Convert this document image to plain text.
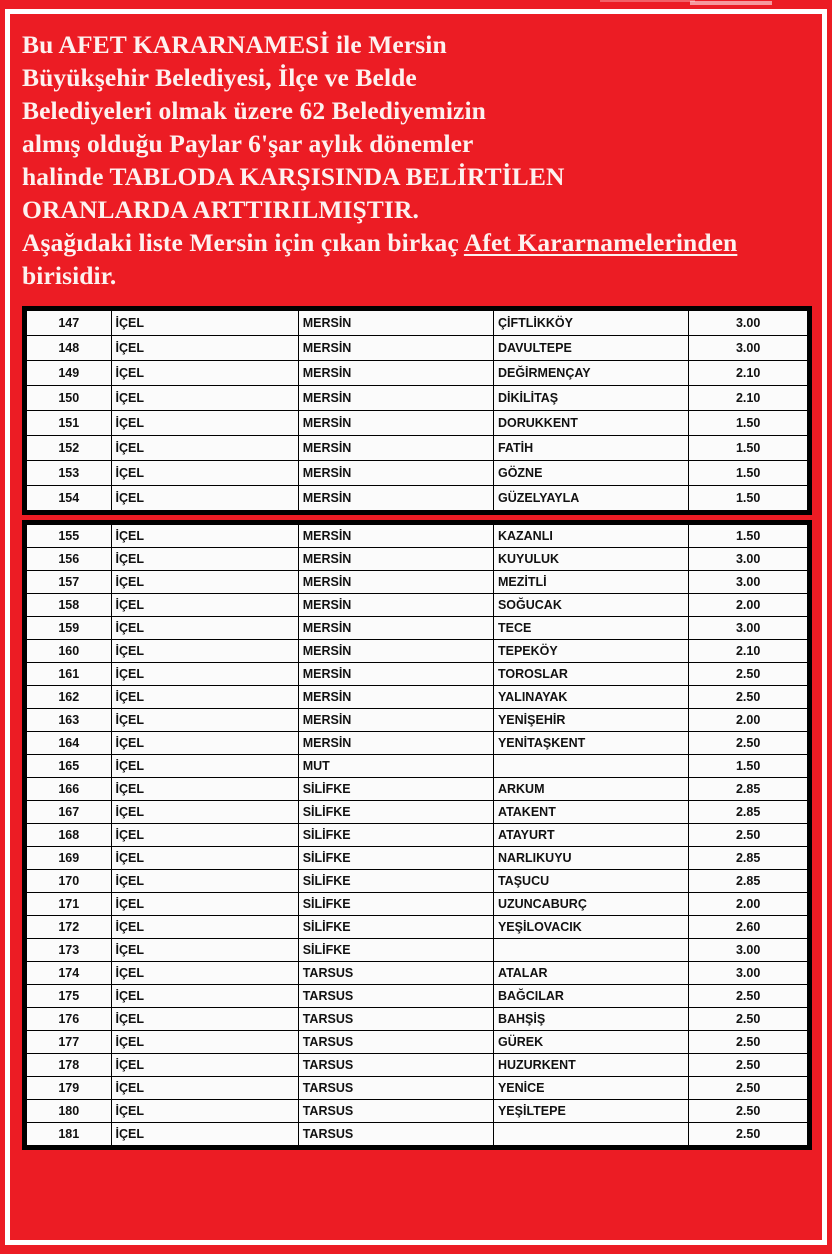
Bu AFET KARARNAMESİ ile Mersin

Büyükşehir Belediyesi, İlçe ve Belde

Belediyeleri olmak üzere 62 Belediyemizin

almış olduğu Paylar 6'şar aylık dönemler

halinde TABLODA KARŞISINDA BELİRTİLEN

ORANLARDA ARTTIRILMIŞTIR.

Aşağıdaki liste Mersin için çıkan birkaç Afet Kararnamelerinden birisidir.

147	İÇEL	MERSİN	ÇİFTLİKKÖY	3.00
148	İÇEL	MERSİN	DAVULTEPE	3.00
149	İÇEL	MERSİN	DEĞİRMENÇAY	2.10
150	İÇEL	MERSİN	DİKİLİTAŞ	2.10
151	İÇEL	MERSİN	DORUKKENT	1.50
152	İÇEL	MERSİN	FATİH	1.50
153	İÇEL	MERSİN	GÖZNE	1.50
154	İÇEL	MERSİN	GÜZELYAYLA	1.50
155	İÇEL	MERSİN	KAZANLI	1.50
156	İÇEL	MERSİN	KUYULUK	3.00
157	İÇEL	MERSİN	MEZİTLİ	3.00
158	İÇEL	MERSİN	SOĞUCAK	2.00
159	İÇEL	MERSİN	TECE	3.00
160	İÇEL	MERSİN	TEPEKÖY	2.10
161	İÇEL	MERSİN	TOROSLAR	2.50
162	İÇEL	MERSİN	YALINAYAK	2.50
163	İÇEL	MERSİN	YENİŞEHİR	2.00
164	İÇEL	MERSİN	YENİTAŞKENT	2.50
165	İÇEL	MUT		1.50
166	İÇEL	SİLİFKE	ARKUM	2.85
167	İÇEL	SİLİFKE	ATAKENT	2.85
168	İÇEL	SİLİFKE	ATAYURT	2.50
169	İÇEL	SİLİFKE	NARLIKUYU	2.85
170	İÇEL	SİLİFKE	TAŞUCU	2.85
171	İÇEL	SİLİFKE	UZUNCABURÇ	2.00
172	İÇEL	SİLİFKE	YEŞİLOVACIK	2.60
173	İÇEL	SİLİFKE		3.00
174	İÇEL	TARSUS	ATALAR	3.00
175	İÇEL	TARSUS	BAĞCILAR	2.50
176	İÇEL	TARSUS	BAHŞİŞ	2.50
177	İÇEL	TARSUS	GÜREK	2.50
178	İÇEL	TARSUS	HUZURKENT	2.50
179	İÇEL	TARSUS	YENİCE	2.50
180	İÇEL	TARSUS	YEŞİLTEPE	2.50
181	İÇEL	TARSUS		2.50
